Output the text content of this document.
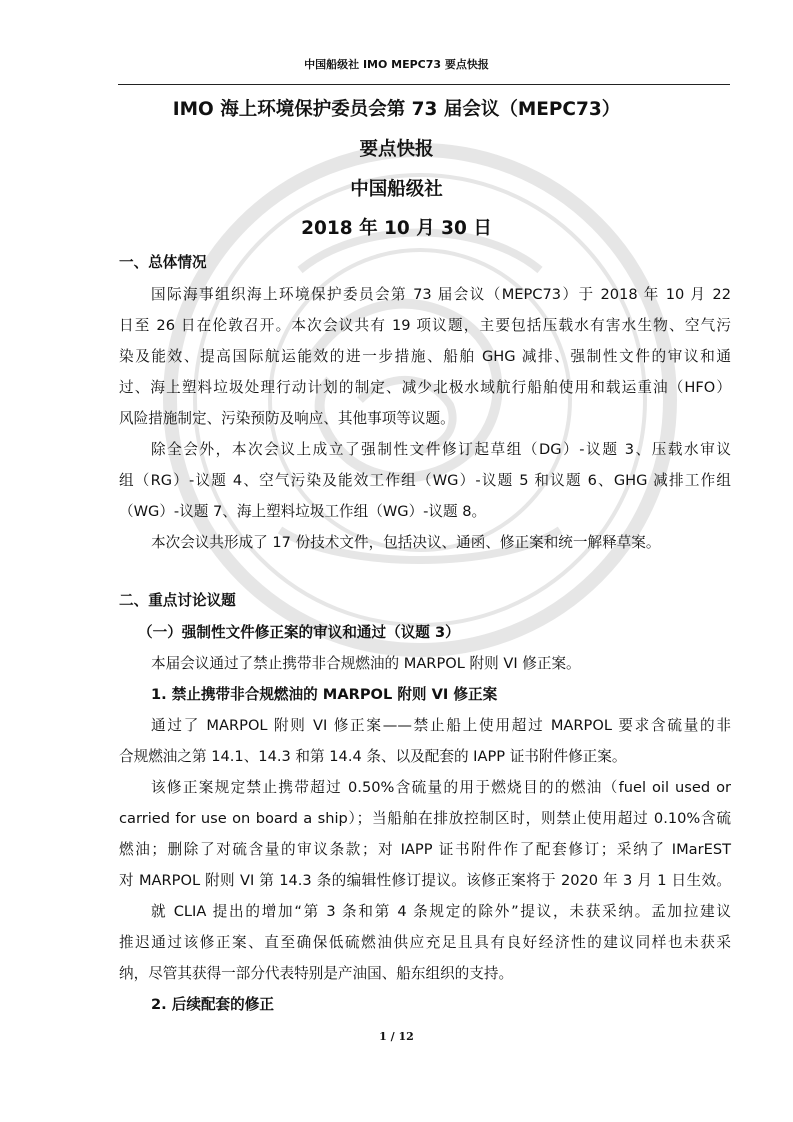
中国船级社 IMO MEPC73 要点快报
IMO 海上环境保护委员会第 73 届会议（MEPC73）
要点快报
中国船级社
2018 年 10 月 30 日
一、总体情况
国际海事组织海上环境保护委员会第 73 届会议（MEPC73）于 2018 年 10 月 22
日至 26 日在伦敦召开。本次会议共有 19 项议题，主要包括压载水有害水生物、空气污
染及能效、提高国际航运能效的进一步措施、船舶 GHG 减排、强制性文件的审议和通
过、海上塑料垃圾处理行动计划的制定、减少北极水域航行船舶使用和载运重油（HFO）
风险措施制定、污染预防及响应、其他事项等议题。
除全会外，本次会议上成立了强制性文件修订起草组（DG）-议题 3、压载水审议
组（RG）-议题 4、空气污染及能效工作组（WG）-议题 5 和议题 6、GHG 减排工作组
（WG）-议题 7、海上塑料垃圾工作组（WG）-议题 8。
本次会议共形成了 17 份技术文件，包括决议、通函、修正案和统一解释草案。
二、重点讨论议题
（一）强制性文件修正案的审议和通过（议题 3）
本届会议通过了禁止携带非合规燃油的 MARPOL 附则 VI 修正案。
1. 禁止携带非合规燃油的 MARPOL 附则 VI 修正案
通过了 MARPOL 附则 VI 修正案——禁止船上使用超过 MARPOL 要求含硫量的非
合规燃油之第 14.1、14.3 和第 14.4 条、以及配套的 IAPP 证书附件修正案。
该修正案规定禁止携带超过 0.50%含硫量的用于燃烧目的的燃油（fuel oil used or
carried for use on board a ship）；当船舶在排放控制区时，则禁止使用超过 0.10%含硫
燃油；删除了对硫含量的审议条款；对 IAPP 证书附件作了配套修订；采纳了 IMarEST
对 MARPOL 附则 VI 第 14.3 条的编辑性修订提议。该修正案将于 2020 年 3 月 1 日生效。
就 CLIA 提出的增加“第 3 条和第 4 条规定的除外”提议，未获采纳。孟加拉建议
推迟通过该修正案、直至确保低硫燃油供应充足且具有良好经济性的建议同样也未获采
纳，尽管其获得一部分代表特别是产油国、船东组织的支持。
2. 后续配套的修正
1 / 12
